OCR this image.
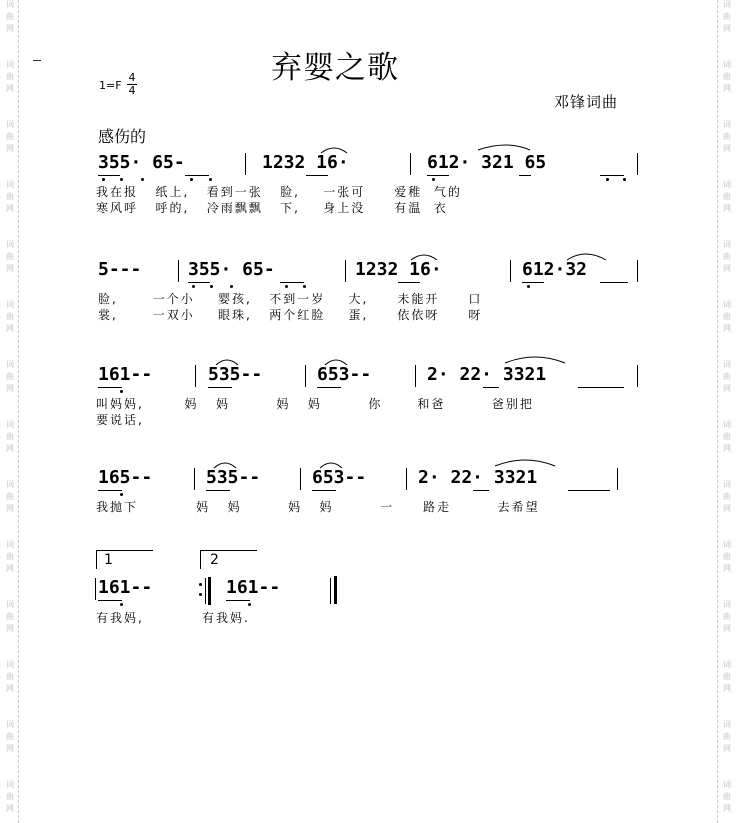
词
曲
网
词
曲
网
词
曲
网
词
曲
网
词
曲
网
词
曲
网
词
曲
网
词
曲
网
词
曲
网
词
曲
网
词
曲
网
词
曲
网
词
曲
网
词
曲
网
词
曲
网
词
曲
网
词
曲
网
词
曲
网
词
曲
网
词
曲
网
词
曲
网
词
曲
网
词
曲
网
词
曲
网
词
曲
网
词
曲
网
词
曲
网
词
曲
网
弃婴之歌
1=F
4
4
邓锋词曲
感伤的
355· 65-	1232 16·	612· 321 65
我在报   纸上,   看到一张   脸,    一张可     爱稚  气的
寒风呼   呼的,   冷雨飘飘   下,    身上没     有温  衣
5---	355· 65-	1232 16·	612·32
脸,      一个小    婴孩,   不到一岁    大,     未能开     口
裳,      一双小    眼珠,   两个红脸    蛋,     依依呀     呀
161--	535--	653--	2· 22· 3321
叫妈妈,       妈   妈        妈   妈        你      和爸        爸别把
要说话,
165--	535--	653--	2· 22· 3321
我抛下          妈   妈        妈   妈        一     路走        去希望
1	2
161--	161--
有我妈,          有我妈.
